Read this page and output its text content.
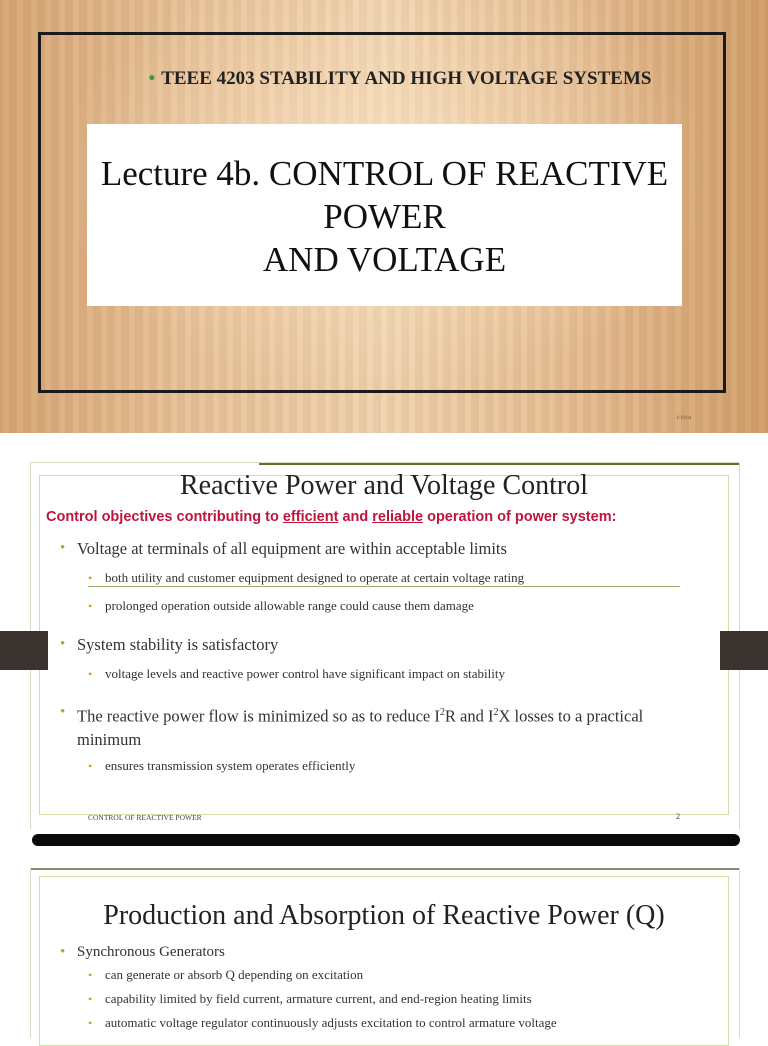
• TEEE 4203 STABILITY AND HIGH VOLTAGE SYSTEMS
Lecture 4b. CONTROL OF REACTIVE
POWER
AND VOLTAGE
1/19/n4
Reactive Power and Voltage Control
Control objectives contributing to efficient and reliable operation of power system:
• Voltage at terminals of all equipment are within acceptable limits
• both utility and customer equipment designed to operate at certain voltage rating
• prolonged operation outside allowable range could cause them damage
• System stability is satisfactory
• voltage levels and reactive power control have significant impact on stability
• The reactive power flow is minimized so as to reduce $I^2R$ and $I^2X$ losses to a practical minimum
• ensures transmission system operates efficiently
CONTROL OF REACTIVE POWER	2
Production and Absorption of Reactive Power (Q)
• Synchronous Generators
• can generate or absorb Q depending on excitation
• capability limited by field current, armature current, and end-region heating limits
• automatic voltage regulator continuously adjusts excitation to control armature voltage
